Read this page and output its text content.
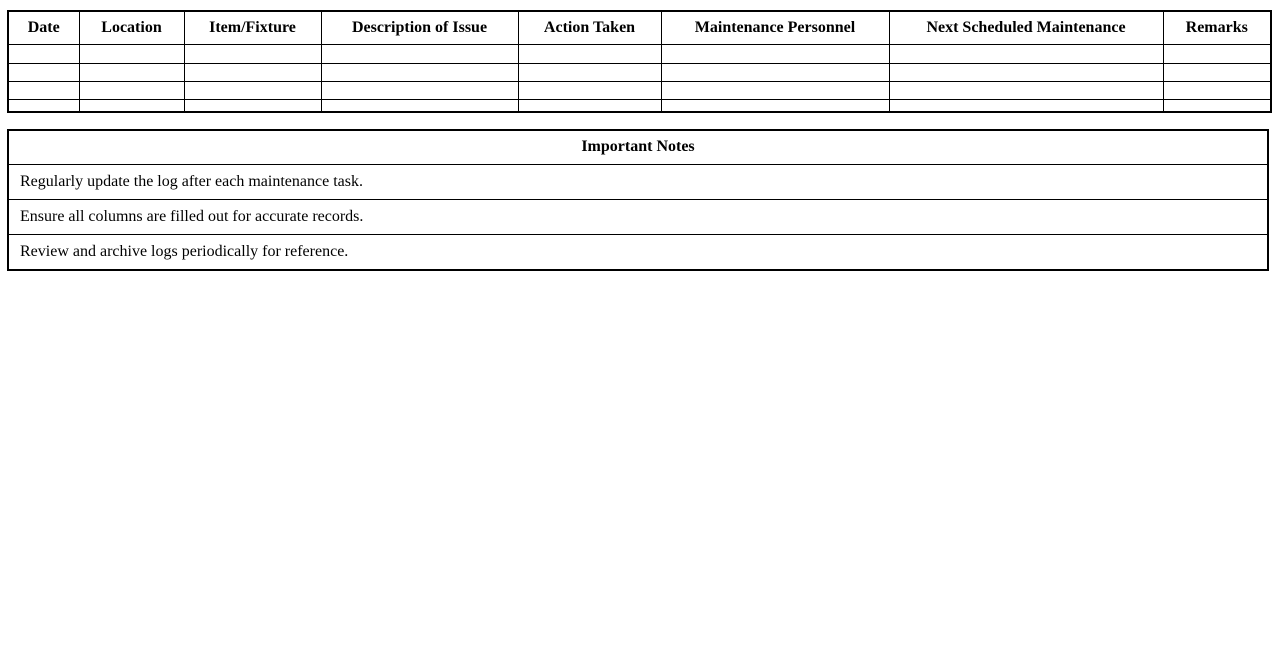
Date	Location	Item/Fixture	Description of Issue	Action Taken	Maintenance Personnel	Next Scheduled Maintenance	Remarks

Important Notes
Regularly update the log after each maintenance task.
Ensure all columns are filled out for accurate records.
Review and archive logs periodically for reference.
